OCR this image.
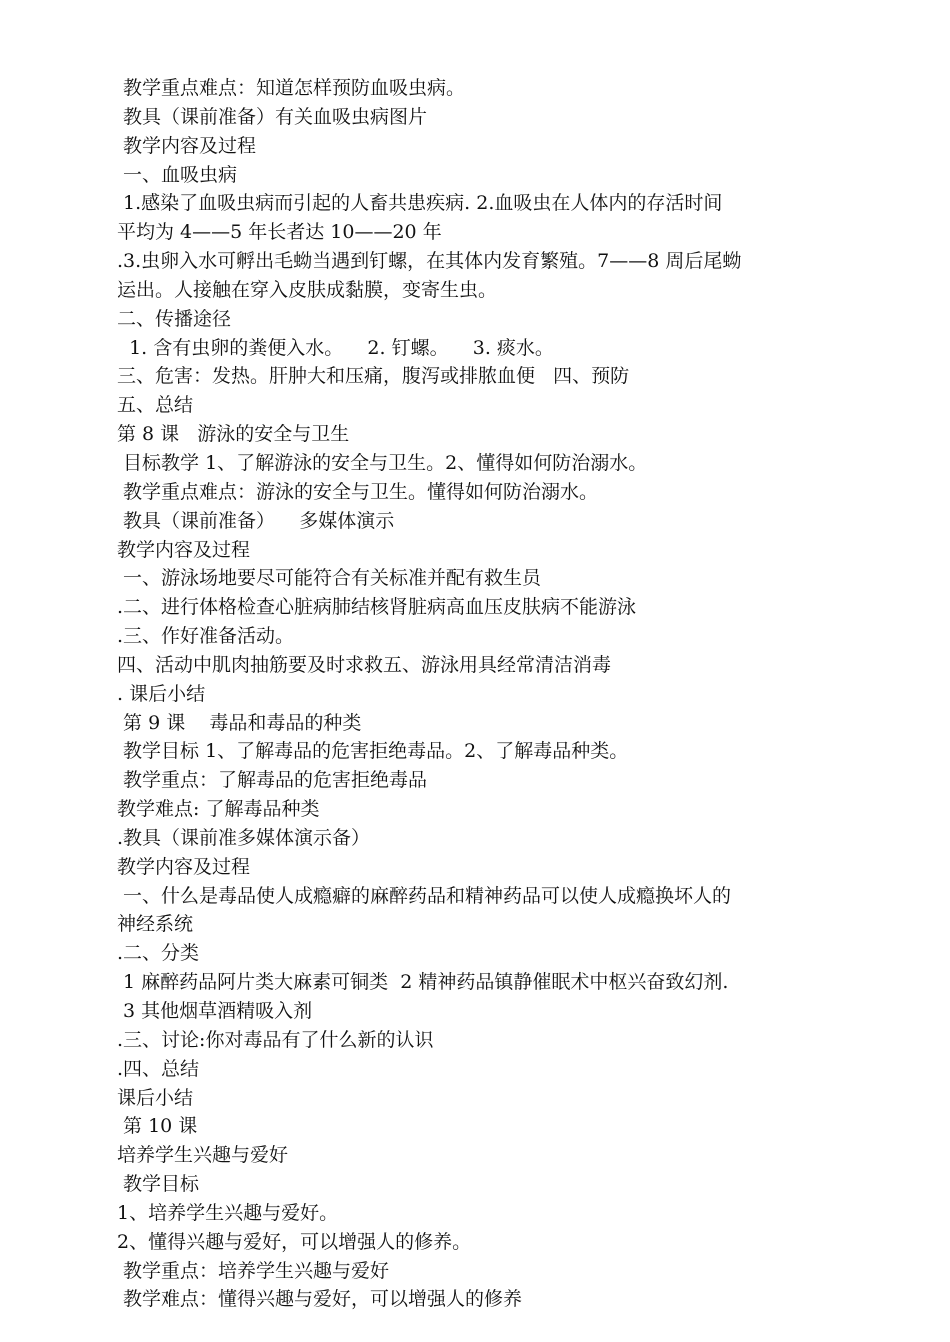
教学重点难点：知道怎样预防血吸虫病。
教具（课前准备）有关血吸虫病图片
教学内容及过程
一、血吸虫病
1.感染了血吸虫病而引起的人畜共患疾病. 2.血吸虫在人体内的存活时间
平均为 4——5 年长者达 10——20 年
.3.虫卵入水可孵出毛蚴当遇到钉螺，在其体内发育繁殖。7——8 周后尾蚴
运出。人接触在穿入皮肤成黏膜，变寄生虫。
二、传播途径
1. 含有虫卵的粪便入水。    2. 钉螺。    3. 痰水。
三、危害：发热。肝肿大和压痛，腹泻或排脓血便   四、预防
五、总结
第 8 课   游泳的安全与卫生
目标教学 1、了解游泳的安全与卫生。2、懂得如何防治溺水。
教学重点难点：游泳的安全与卫生。懂得如何防治溺水。
教具（课前准备）    多媒体演示
教学内容及过程
一、游泳场地要尽可能符合有关标准并配有救生员
.二、进行体格检查心脏病肺结核肾脏病高血压皮肤病不能游泳
.三、作好准备活动。
四、活动中肌肉抽筋要及时求救五、游泳用具经常清洁消毒
. 课后小结
第 9 课    毒品和毒品的种类
教学目标 1、了解毒品的危害拒绝毒品。2、了解毒品种类。
教学重点：了解毒品的危害拒绝毒品
教学难点: 了解毒品种类
.教具（课前准多媒体演示备）
教学内容及过程
一、什么是毒品使人成瘾癖的麻醉药品和精神药品可以使人成瘾换坏人的
神经系统
.二、分类
1 麻醉药品阿片类大麻素可铜类  2 精神药品镇静催眠术中枢兴奋致幻剂.
3 其他烟草酒精吸入剂
.三、讨论:你对毒品有了什么新的认识
.四、总结
课后小结
第 10 课
培养学生兴趣与爱好
教学目标
1、培养学生兴趣与爱好。
2、懂得兴趣与爱好，可以增强人的修养。
教学重点：培养学生兴趣与爱好
教学难点：懂得兴趣与爱好，可以增强人的修养
